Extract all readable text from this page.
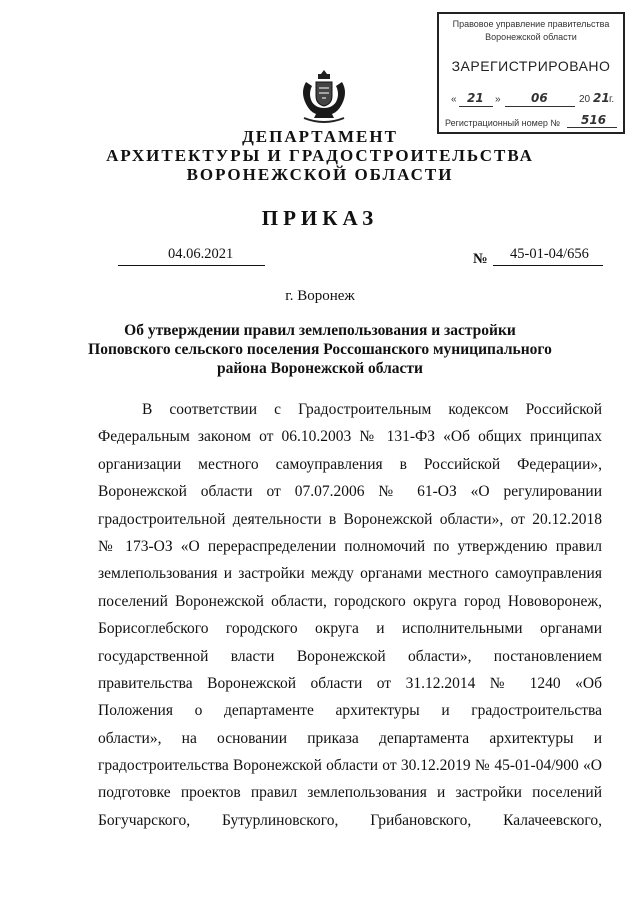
Правовое управление правительства
Воронежской области
ЗАРЕГИСТРИРОВАНО
« 21 »	06	20 21 г.
Регистрационный номер № 516
ДЕПАРТАМЕНТ
АРХИТЕКТУРЫ И ГРАДОСТРОИТЕЛЬСТВА
ВОРОНЕЖСКОЙ ОБЛАСТИ
ПРИКАЗ
04.06.2021	№ 45-01-04/656
г. Воронеж
Об утверждении правил землепользования и застройки
Поповского сельского поселения Россошанского муниципального
района Воронежской области
В соответствии с Градостроительным кодексом Российской
Федеральным законом от 06.10.2003 № 131-ФЗ «Об общих принципах
организации местного самоуправления в Российской Федерации»,
Воронежской области от 07.07.2006 № 61-ОЗ «О регулировании
градостроительной деятельности в Воронежской области», от 20.12.2018
№ 173-ОЗ «О перераспределении полномочий по утверждению правил
землепользования и застройки между органами местного самоуправления
поселений Воронежской области, городского округа город Нововоронеж,
Борисоглебского городского округа и исполнительными органами
государственной власти Воронежской области», постановлением
правительства Воронежской области от 31.12.2014 № 1240 «Об
Положения о департаменте архитектуры и градостроительства
области», на основании приказа департамента архитектуры и
градостроительства Воронежской области от 30.12.2019 № 45-01-04/900 «О
подготовке проектов правил землепользования и застройки поселений
Богучарского, Бутурлиновского, Грибановского, Калачеевского,
